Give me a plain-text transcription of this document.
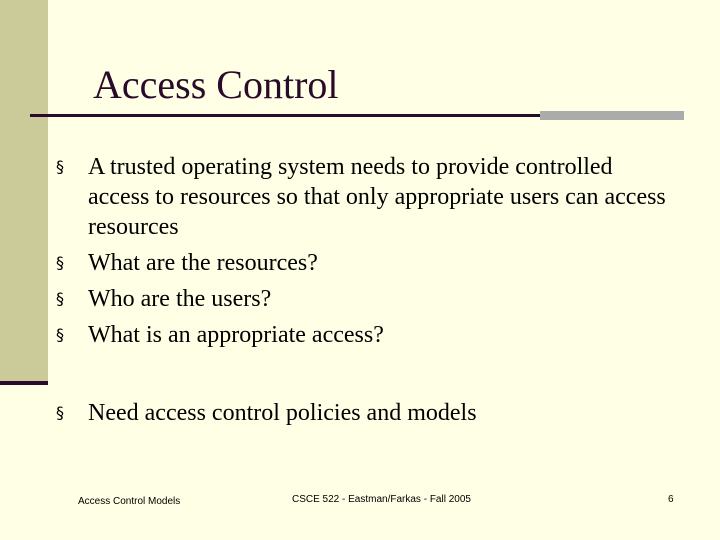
Access Control
§ A trusted operating system needs to provide controlled access to resources so that only appropriate users can access resources
§ What are the resources?
§ Who are the users?
§ What is an appropriate access?
§ Need access control policies and models
Access Control Models	CSCE 522 - Eastman/Farkas - Fall 2005	6
